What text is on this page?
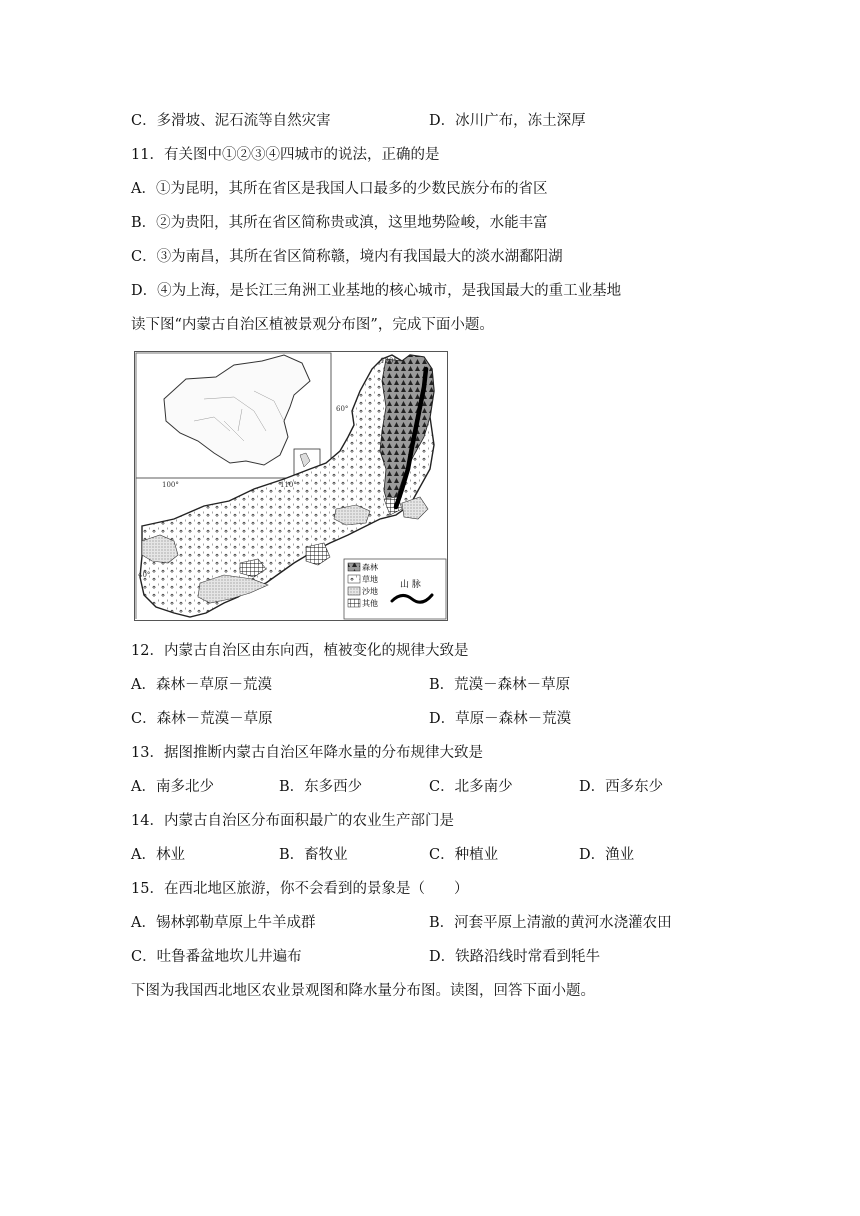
C．多滑坡、泥石流等自然灾害	D．冰川广布，冻土深厚
11．有关图中①②③④四城市的说法，正确的是
A．①为昆明，其所在省区是我国人口最多的少数民族分布的省区
B．②为贵阳，其所在省区简称贵或滇，这里地势险峻，水能丰富
C．③为南昌，其所在省区简称赣，境内有我国最大的淡水湖鄱阳湖
D．④为上海，是长江三角洲工业基地的核心城市，是我国最大的重工业基地
读下图“内蒙古自治区植被景观分布图”，完成下面小题。
120°
60°
100°	110°
40°
森林
草地
沙地
其他
山 脉
12．内蒙古自治区由东向西，植被变化的规律大致是
A．森林－草原－荒漠	B．荒漠－森林－草原
C．森林－荒漠－草原	D．草原－森林－荒漠
13．据图推断内蒙古自治区年降水量的分布规律大致是
A．南多北少	B．东多西少	C．北多南少	D．西多东少
14．内蒙古自治区分布面积最广的农业生产部门是
A．林业	B．畜牧业	C．种植业	D．渔业
15．在西北地区旅游，你不会看到的景象是（　　）
A．锡林郭勒草原上牛羊成群	B．河套平原上清澈的黄河水浇灌农田
C．吐鲁番盆地坎儿井遍布	D．铁路沿线时常看到牦牛
下图为我国西北地区农业景观图和降水量分布图。读图，回答下面小题。
